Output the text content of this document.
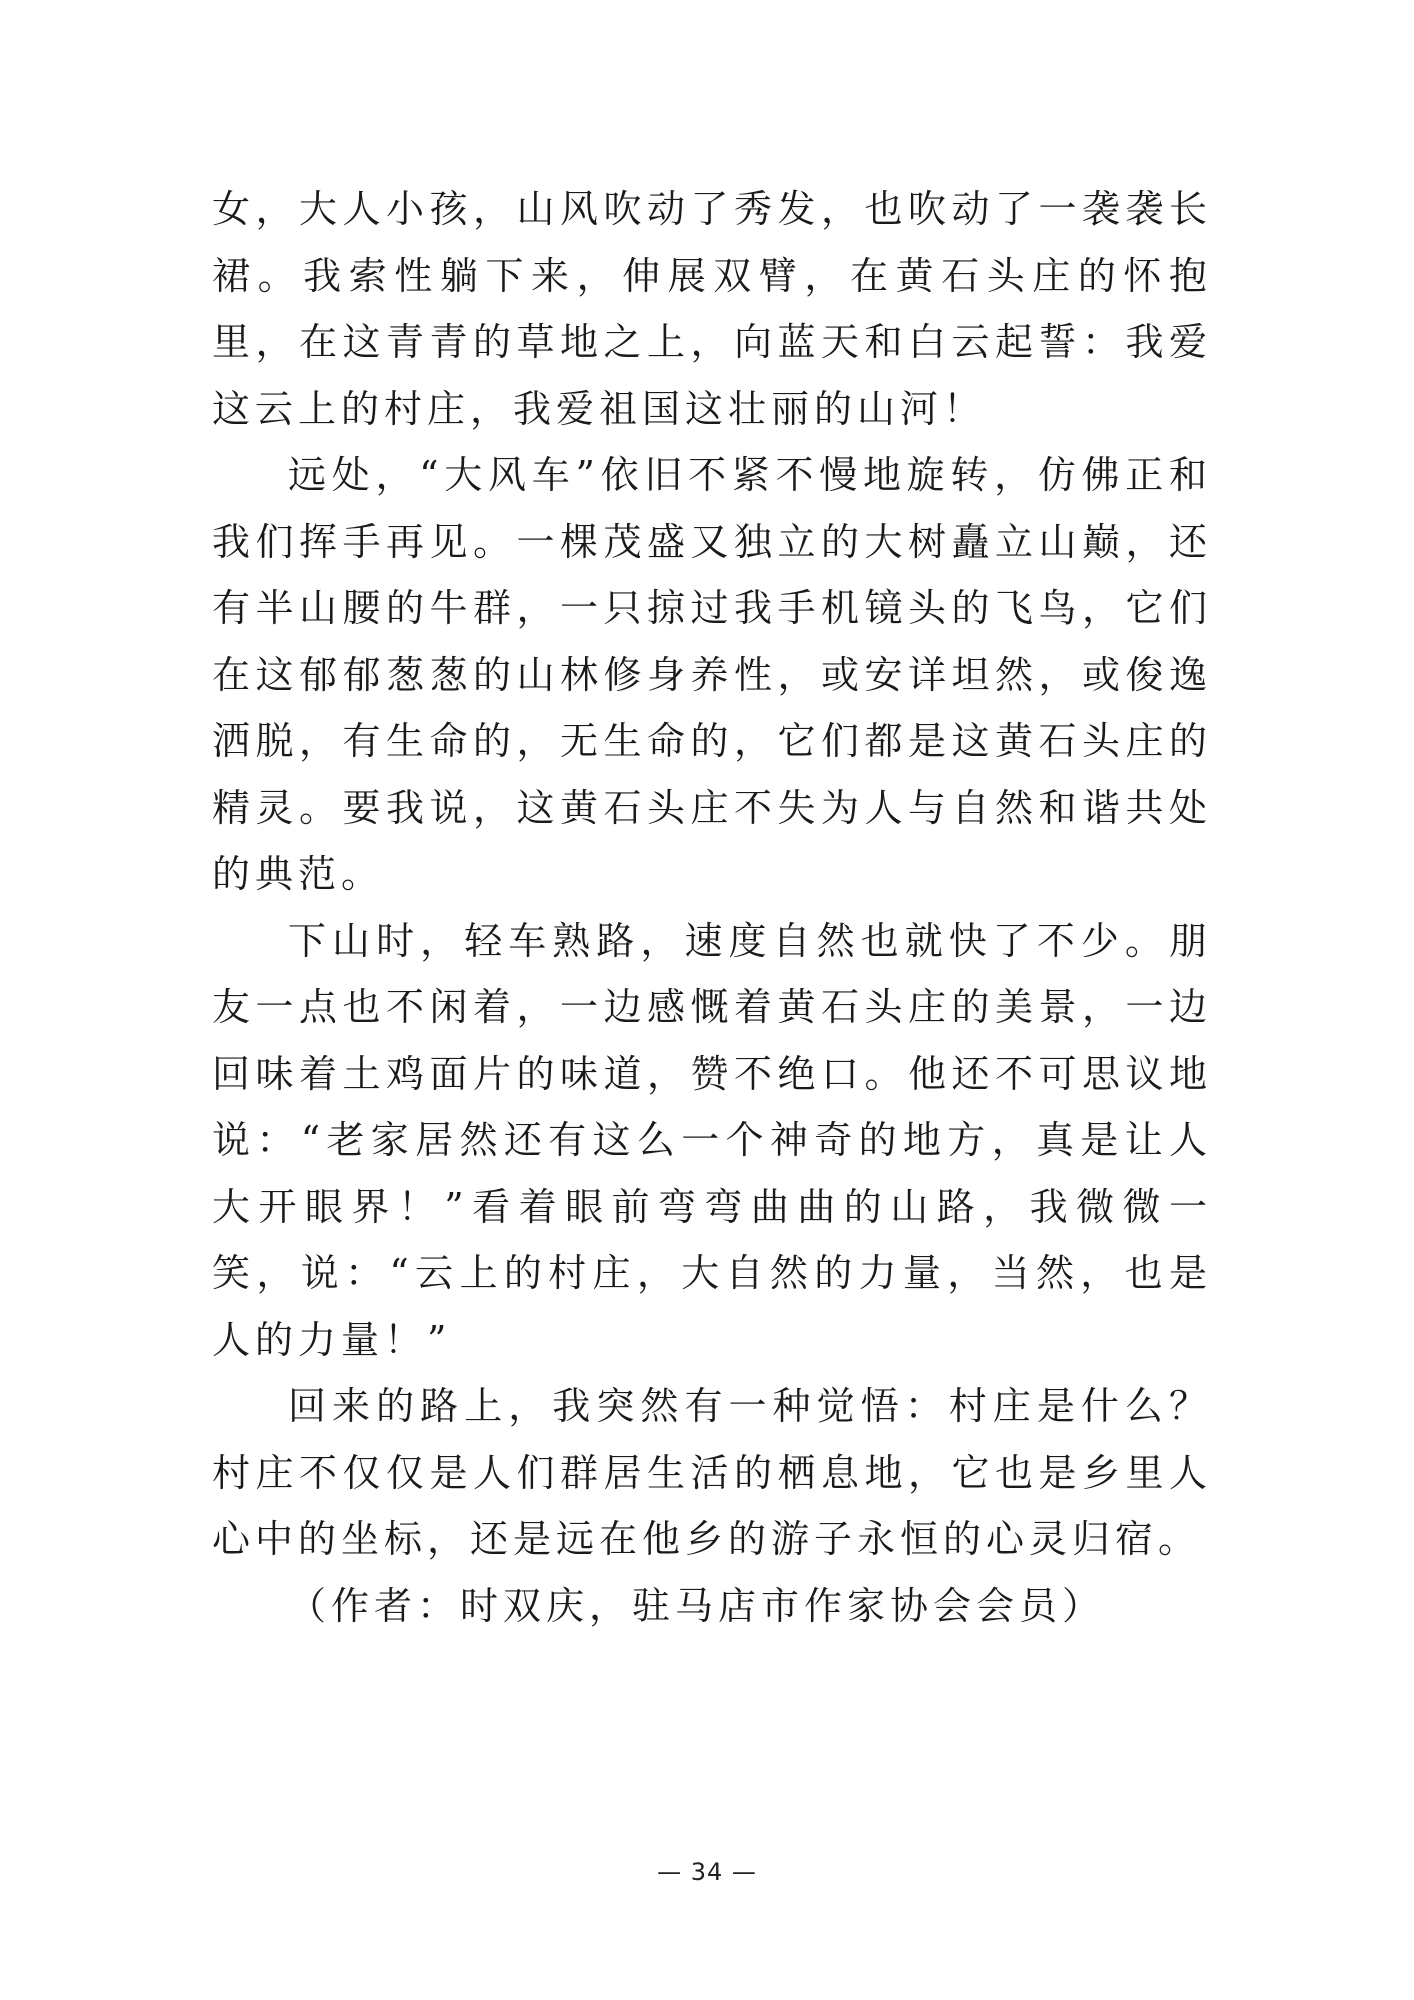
女，大人小孩，山风吹动了秀发，也吹动了一袭袭长裙。我索性躺下来，伸展双臂，在黄石头庄的怀抱里，在这青青的草地之上，向蓝天和白云起誓：我爱这云上的村庄，我爱祖国这壮丽的山河！

远处，“大风车”依旧不紧不慢地旋转，仿佛正和我们挥手再见。一棵茂盛又独立的大树矗立山巅，还有半山腰的牛群，一只掠过我手机镜头的飞鸟，它们在这郁郁葱葱的山林修身养性，或安详坦然，或俊逸洒脱，有生命的，无生命的，它们都是这黄石头庄的精灵。要我说，这黄石头庄不失为人与自然和谐共处的典范。

下山时，轻车熟路，速度自然也就快了不少。朋友一点也不闲着，一边感慨着黄石头庄的美景，一边回味着土鸡面片的味道，赞不绝口。他还不可思议地说：“老家居然还有这么一个神奇的地方，真是让人大开眼界！”看着眼前弯弯曲曲的山路，我微微一笑，说：“云上的村庄，大自然的力量，当然，也是人的力量！”

回来的路上，我突然有一种觉悟：村庄是什么？村庄不仅仅是人们群居生活的栖息地，它也是乡里人心中的坐标，还是远在他乡的游子永恒的心灵归宿。

（作者：时双庆，驻马店市作家协会会员）

— 34 —
